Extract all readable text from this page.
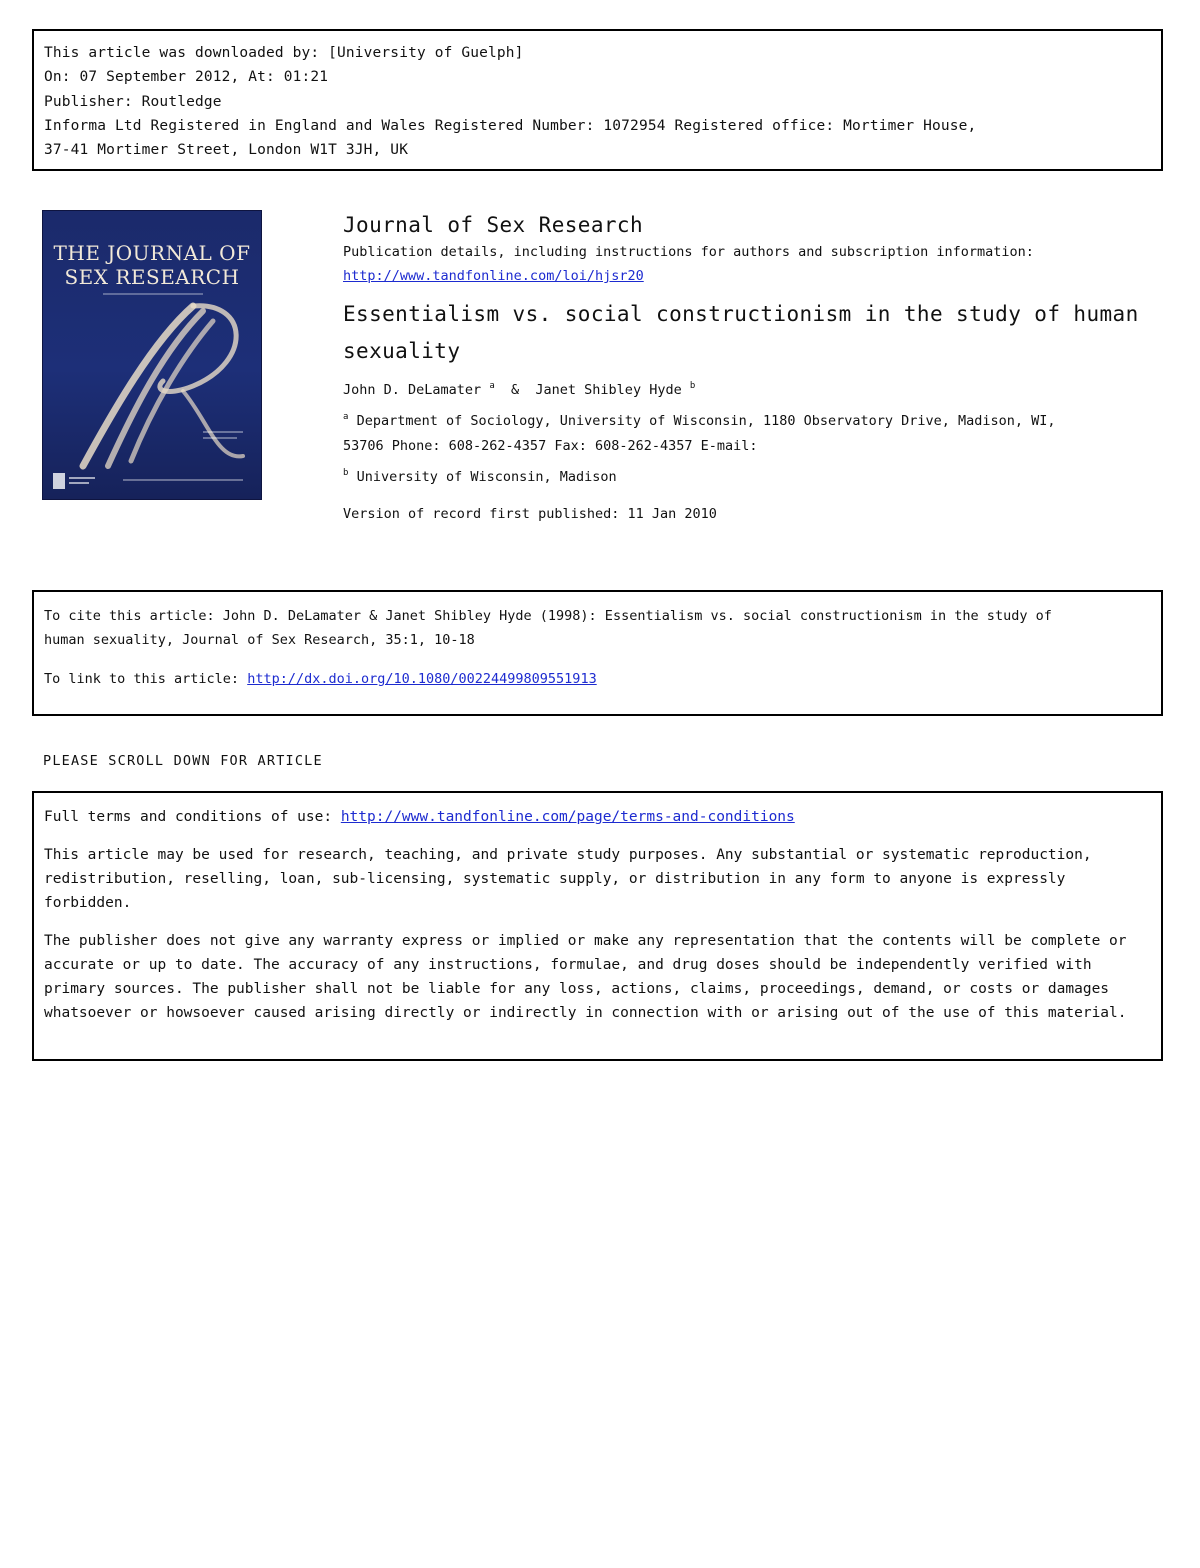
This article was downloaded by: [University of Guelph]
On: 07 September 2012, At: 01:21
Publisher: Routledge
Informa Ltd Registered in England and Wales Registered Number: 1072954 Registered office: Mortimer House,
37-41 Mortimer Street, London W1T 3JH, UK
THE JOURNAL OF
SEX RESEARCH
Journal of Sex Research
Publication details, including instructions for authors and subscription information:
http://www.tandfonline.com/loi/hjsr20
Essentialism vs. social constructionism in the study of human sexuality
John D. DeLamater $^a$  &  Janet Shibley Hyde $^b$
$^a$ Department of Sociology, University of Wisconsin, 1180 Observatory Drive, Madison, WI,
53706 Phone: 608-262-4357 Fax: 608-262-4357 E-mail:
$^b$ University of Wisconsin, Madison
Version of record first published: 11 Jan 2010

To cite this article: John D. DeLamater & Janet Shibley Hyde (1998): Essentialism vs. social constructionism in the study of

human sexuality, Journal of Sex Research, 35:1, 10-18

To link to this article: http://dx.doi.org/10.1080/00224499809551913

PLEASE SCROLL DOWN FOR ARTICLE

Full terms and conditions of use: http://www.tandfonline.com/page/terms-and-conditions

This article may be used for research, teaching, and private study purposes. Any substantial or systematic reproduction, redistribution, reselling, loan, sub-licensing, systematic supply, or distribution in any form to anyone is expressly forbidden.

The publisher does not give any warranty express or implied or make any representation that the contents will be complete or accurate or up to date. The accuracy of any instructions, formulae, and drug doses should be independently verified with primary sources. The publisher shall not be liable for any loss, actions, claims, proceedings, demand, or costs or damages whatsoever or howsoever caused arising directly or indirectly in connection with or arising out of the use of this material.
